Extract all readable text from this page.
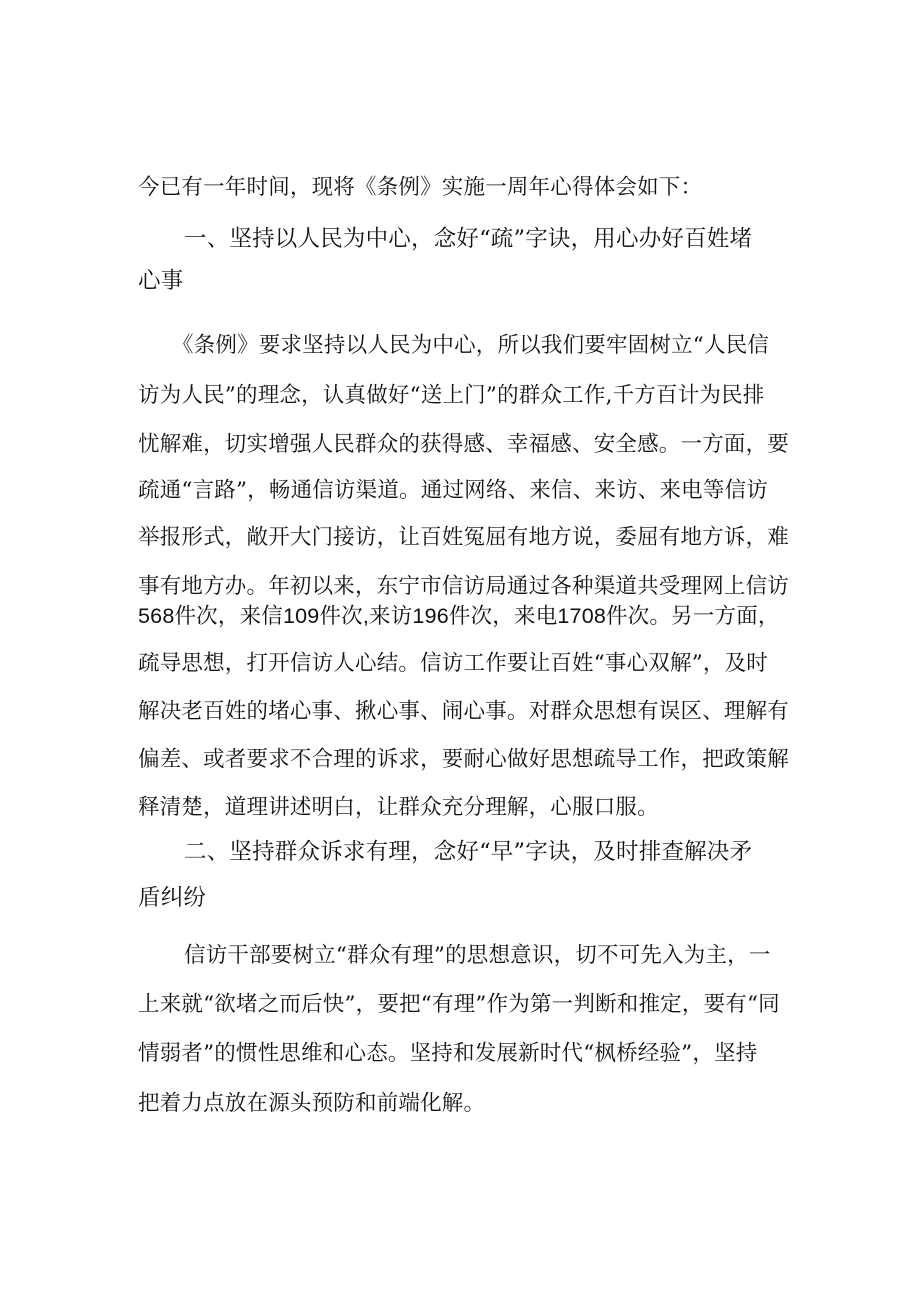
今已有一年时间，现将《条例》实施一周年心得体会如下：
一、坚持以人民为中心，念好“疏”字诀，用心办好百姓堵
心事
《条例》要求坚持以人民为中心，所以我们要牢固树立“人民信
访为人民”的理念，认真做好“送上门”的群众工作,千方百计为民排
忧解难，切实增强人民群众的获得感、幸福感、安全感。一方面，要
疏通“言路”，畅通信访渠道。通过网络、来信、来访、来电等信访
举报形式，敞开大门接访，让百姓冤屈有地方说，委屈有地方诉，难
事有地方办。年初以来，东宁市信访局通过各种渠道共受理网上信访
568件次，来信109件次,来访196件次，来电1708件次。另一方面，
疏导思想，打开信访人心结。信访工作要让百姓“事心双解”，及时
解决老百姓的堵心事、揪心事、闹心事。对群众思想有误区、理解有
偏差、或者要求不合理的诉求，要耐心做好思想疏导工作，把政策解
释清楚，道理讲述明白，让群众充分理解，心服口服。
二、坚持群众诉求有理，念好“早”字诀，及时排查解决矛
盾纠纷
信访干部要树立“群众有理”的思想意识，切不可先入为主，一
上来就“欲堵之而后快”，要把“有理”作为第一判断和推定，要有“同
情弱者”的惯性思维和心态。坚持和发展新时代“枫桥经验”，坚持
把着力点放在源头预防和前端化解。
